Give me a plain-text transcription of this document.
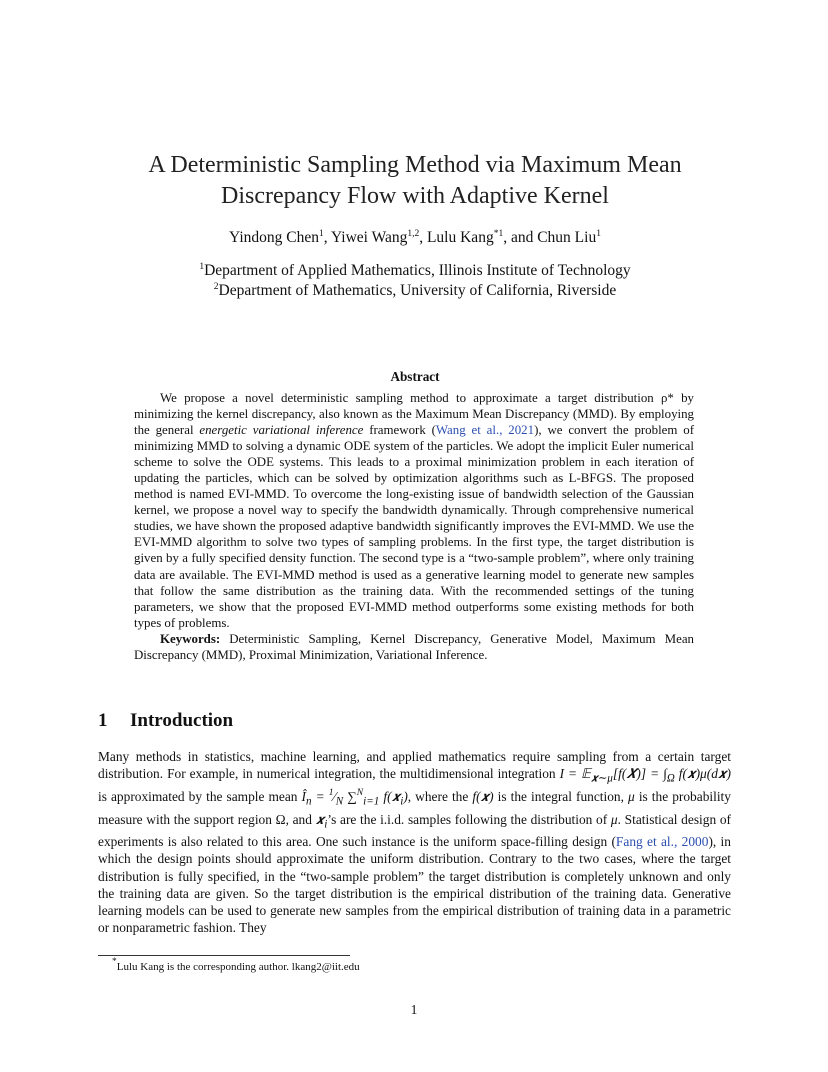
A Deterministic Sampling Method via Maximum Mean
Discrepancy Flow with Adaptive Kernel
Yindong Chen$^1$, Yiwei Wang$^{1,2}$, Lulu Kang$^{*1}$, and Chun Liu$^1$
$^1$Department of Applied Mathematics, Illinois Institute of Technology
$^2$Department of Mathematics, University of California, Riverside
Abstract

We propose a novel deterministic sampling method to approximate a target distribution ρ* by minimizing the kernel discrepancy, also known as the Maximum Mean Discrepancy (MMD). By employing the general energetic variational inference framework (Wang et al., 2021), we convert the problem of minimizing MMD to solving a dynamic ODE system of the particles. We adopt the implicit Euler numerical scheme to solve the ODE systems. This leads to a proximal minimization problem in each iteration of updating the particles, which can be solved by optimization algorithms such as L-BFGS. The proposed method is named EVI-MMD. To overcome the long-existing issue of bandwidth selection of the Gaussian kernel, we propose a novel way to specify the bandwidth dynamically. Through comprehensive numerical studies, we have shown the proposed adaptive bandwidth significantly improves the EVI-MMD. We use the EVI-MMD algorithm to solve two types of sampling problems. In the first type, the target distribution is given by a fully specified density function. The second type is a “two-sample problem”, where only training data are available. The EVI-MMD method is used as a generative learning model to generate new samples that follow the same distribution as the training data. With the recommended settings of the tuning parameters, we show that the proposed EVI-MMD method outperforms some existing methods for both types of problems.

Keywords: Deterministic Sampling, Kernel Discrepancy, Generative Model, Maximum Mean Discrepancy (MMD), Proximal Minimization, Variational Inference.

1 Introduction

Many methods in statistics, machine learning, and applied mathematics require sampling from a certain target distribution. For example, in numerical integration, the multidimensional integration I = 𝔼$_{𝒙\sim\mu}$[f(𝑿)] = $\int_\Omega$ f(𝒙)μ(d𝒙) is approximated by the sample mean $Î_n$ = $^1⁄_N$ ∑$^N_{i=1}$ f(𝒙$_i$), where the f(𝒙) is the integral function, μ is the probability measure with the support region Ω, and 𝒙$_i$’s are the i.i.d. samples following the distribution of μ. Statistical design of experiments is also related to this area. One such instance is the uniform space-filling design (Fang et al., 2000), in which the design points should approximate the uniform distribution. Contrary to the two cases, where the target distribution is fully specified, in the “two-sample problem” the target distribution is completely unknown and only the training data are given. So the target distribution is the empirical distribution of the training data. Generative learning models can be used to generate new samples from the empirical distribution of training data in a parametric or nonparametric fashion. They

*Lulu Kang is the corresponding author. lkang2@iit.edu
1
